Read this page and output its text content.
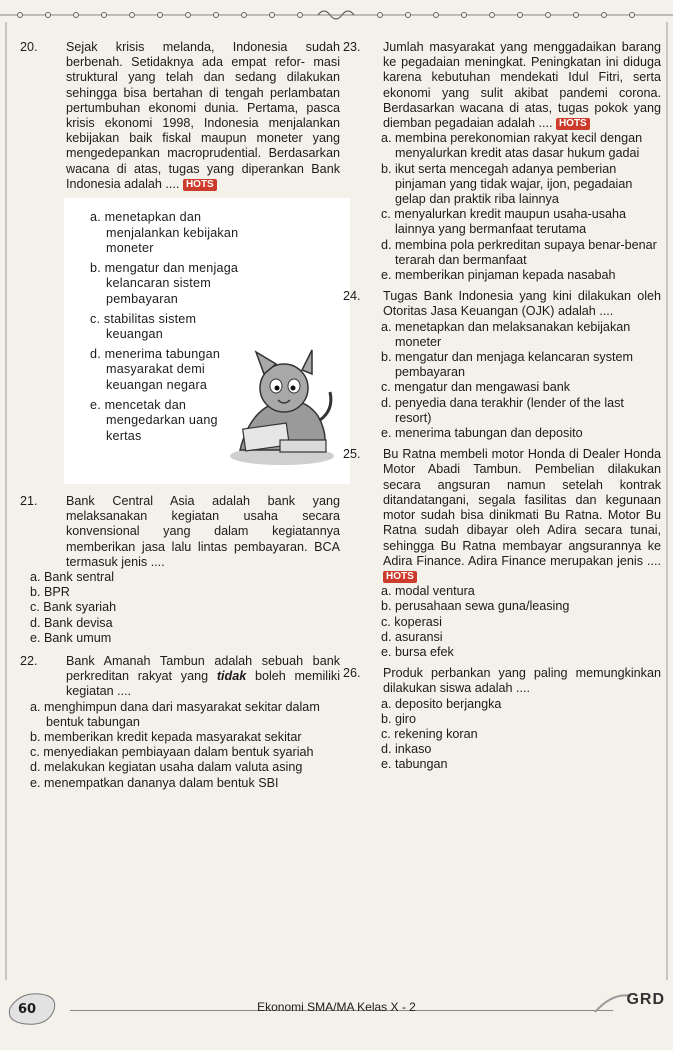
20.	Sejak krisis melanda, Indonesia sudah berbenah. Setidaknya ada empat refor- masi struktural yang telah dan sedang dilakukan sehingga bisa bertahan di tengah perlambatan pertumbuhan ekonomi dunia. Pertama, pasca krisis ekonomi 1998, Indonesia menjalankan kebijakan baik fiskal maupun moneter yang mengedepankan macroprudential. Berdasarkan wacana di atas, tugas yang diperankan Bank Indonesia adalah .... HOTS
a. menetapkan dan menjalankan kebijakan moneter
b. mengatur dan menjaga kelancaran sistem pembayaran
c. stabilitas sistem keuangan
d. menerima tabungan masyarakat demi keuangan negara
e. mencetak dan mengedarkan uang kertas
21.	Bank Central Asia adalah bank yang melaksanakan kegiatan usaha secara konvensional yang dalam kegiatannya memberikan jasa lalu lintas pembayaran. BCA termasuk jenis ....
a. Bank sentral
b. BPR
c. Bank syariah
d. Bank devisa
e. Bank umum
22.	Bank Amanah Tambun adalah sebuah bank perkreditan rakyat yang tidak boleh memiliki kegiatan ....
a. menghimpun dana dari masyarakat sekitar dalam bentuk tabungan
b. memberikan kredit kepada masyarakat sekitar
c. menyediakan pembiayaan dalam bentuk syariah
d. melakukan kegiatan usaha dalam valuta asing
e. menempatkan dananya dalam bentuk SBI
23.	Jumlah masyarakat yang menggadaikan barang ke pegadaian meningkat. Peningkatan ini diduga karena kebutuhan mendekati Idul Fitri, serta ekonomi yang sulit akibat pandemi corona. Berdasarkan wacana di atas, tugas pokok yang diemban pegadaian adalah .... HOTS
a. membina perekonomian rakyat kecil dengan menyalurkan kredit atas dasar hukum gadai
b. ikut serta mencegah adanya pemberian pinjaman yang tidak wajar, ijon, pegadaian gelap dan praktik riba lainnya
c. menyalurkan kredit maupun usaha-usaha lainnya yang bermanfaat terutama
d. membina pola perkreditan supaya benar-benar terarah dan bermanfaat
e. memberikan pinjaman kepada nasabah
24.	Tugas Bank Indonesia yang kini dilakukan oleh Otoritas Jasa Keuangan (OJK) adalah ....
a. menetapkan dan melaksanakan kebijakan moneter
b. mengatur dan menjaga kelancaran system pembayaran
c. mengatur dan mengawasi bank
d. penyedia dana terakhir (lender of the last resort)
e. menerima tabungan dan deposito
25.	Bu Ratna membeli motor Honda di Dealer Honda Motor Abadi Tambun. Pembelian dilakukan secara angsuran namun setelah kontrak ditandatangani, segala fasilitas dan kegunaan motor sudah bisa dinikmati Bu Ratna. Motor Bu Ratna sudah dibayar oleh Adira secara tunai, sehingga Bu Ratna membayar angsurannya ke Adira Finance. Adira Finance merupakan jenis .... HOTS
a. modal ventura
b. perusahaan sewa guna/leasing
c. koperasi
d. asuransi
e. bursa efek
26.	Produk perbankan yang paling memungkinkan dilakukan siswa adalah ....
a. deposito berjangka
b. giro
c. rekening koran
d. inkaso
e. tabungan
60	Ekonomi SMA/MA Kelas X - 2	GRD
